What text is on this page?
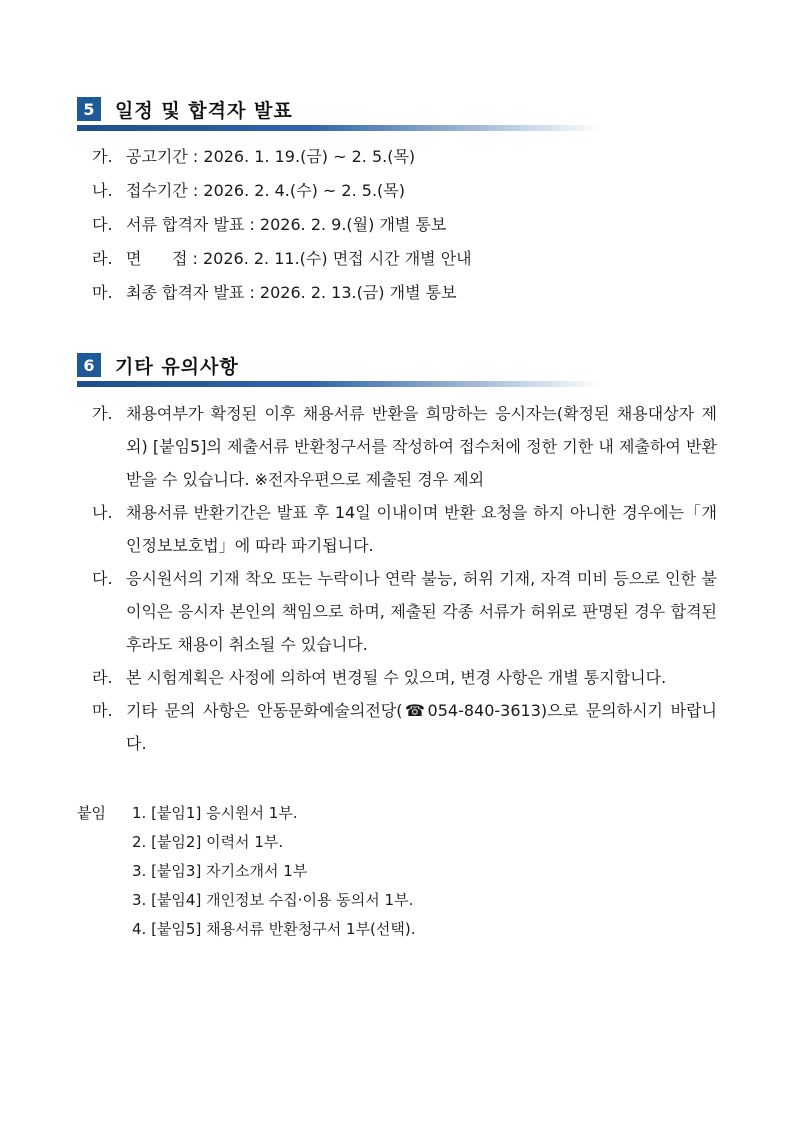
5	일정 및 합격자 발표
가. 공고기간 : 2026. 1. 19.(금) ~ 2. 5.(목)
나. 접수기간 : 2026. 2. 4.(수) ~ 2. 5.(목)
다. 서류 합격자 발표 : 2026. 2. 9.(월) 개별 통보
라. 면      접 : 2026. 2. 11.(수) 면접 시간 개별 안내
마. 최종 합격자 발표 : 2026. 2. 13.(금) 개별 통보
6	기타 유의사항
가. 채용여부가 확정된 이후 채용서류 반환을 희망하는 응시자는(확정된 채용대상자 제외) [붙임5]의 제출서류 반환청구서를 작성하여 접수처에 정한 기한 내 제출하여 반환 받을 수 있습니다. ※전자우편으로 제출된 경우 제외
나. 채용서류 반환기간은 발표 후 14일 이내이며 반환 요청을 하지 아니한 경우에는「개인정보보호법」에 따라 파기됩니다.
다. 응시원서의 기재 착오 또는 누락이나 연락 불능, 허위 기재, 자격 미비 등으로 인한 불이익은 응시자 본인의 책임으로 하며, 제출된 각종 서류가 허위로 판명된 경우 합격된 후라도 채용이 취소될 수 있습니다.
라. 본 시험계획은 사정에 의하여 변경될 수 있으며, 변경 사항은 개별 통지합니다.
마. 기타 문의 사항은 안동문화예술의전당(☎054-840-3613)으로 문의하시기 바랍니다.
붙임	1. [붙임1] 응시원서 1부.
2. [붙임2] 이력서 1부.
3. [붙임3] 자기소개서 1부
3. [붙임4] 개인정보 수집·이용 동의서 1부.
4. [붙임5] 채용서류 반환청구서 1부(선택).
